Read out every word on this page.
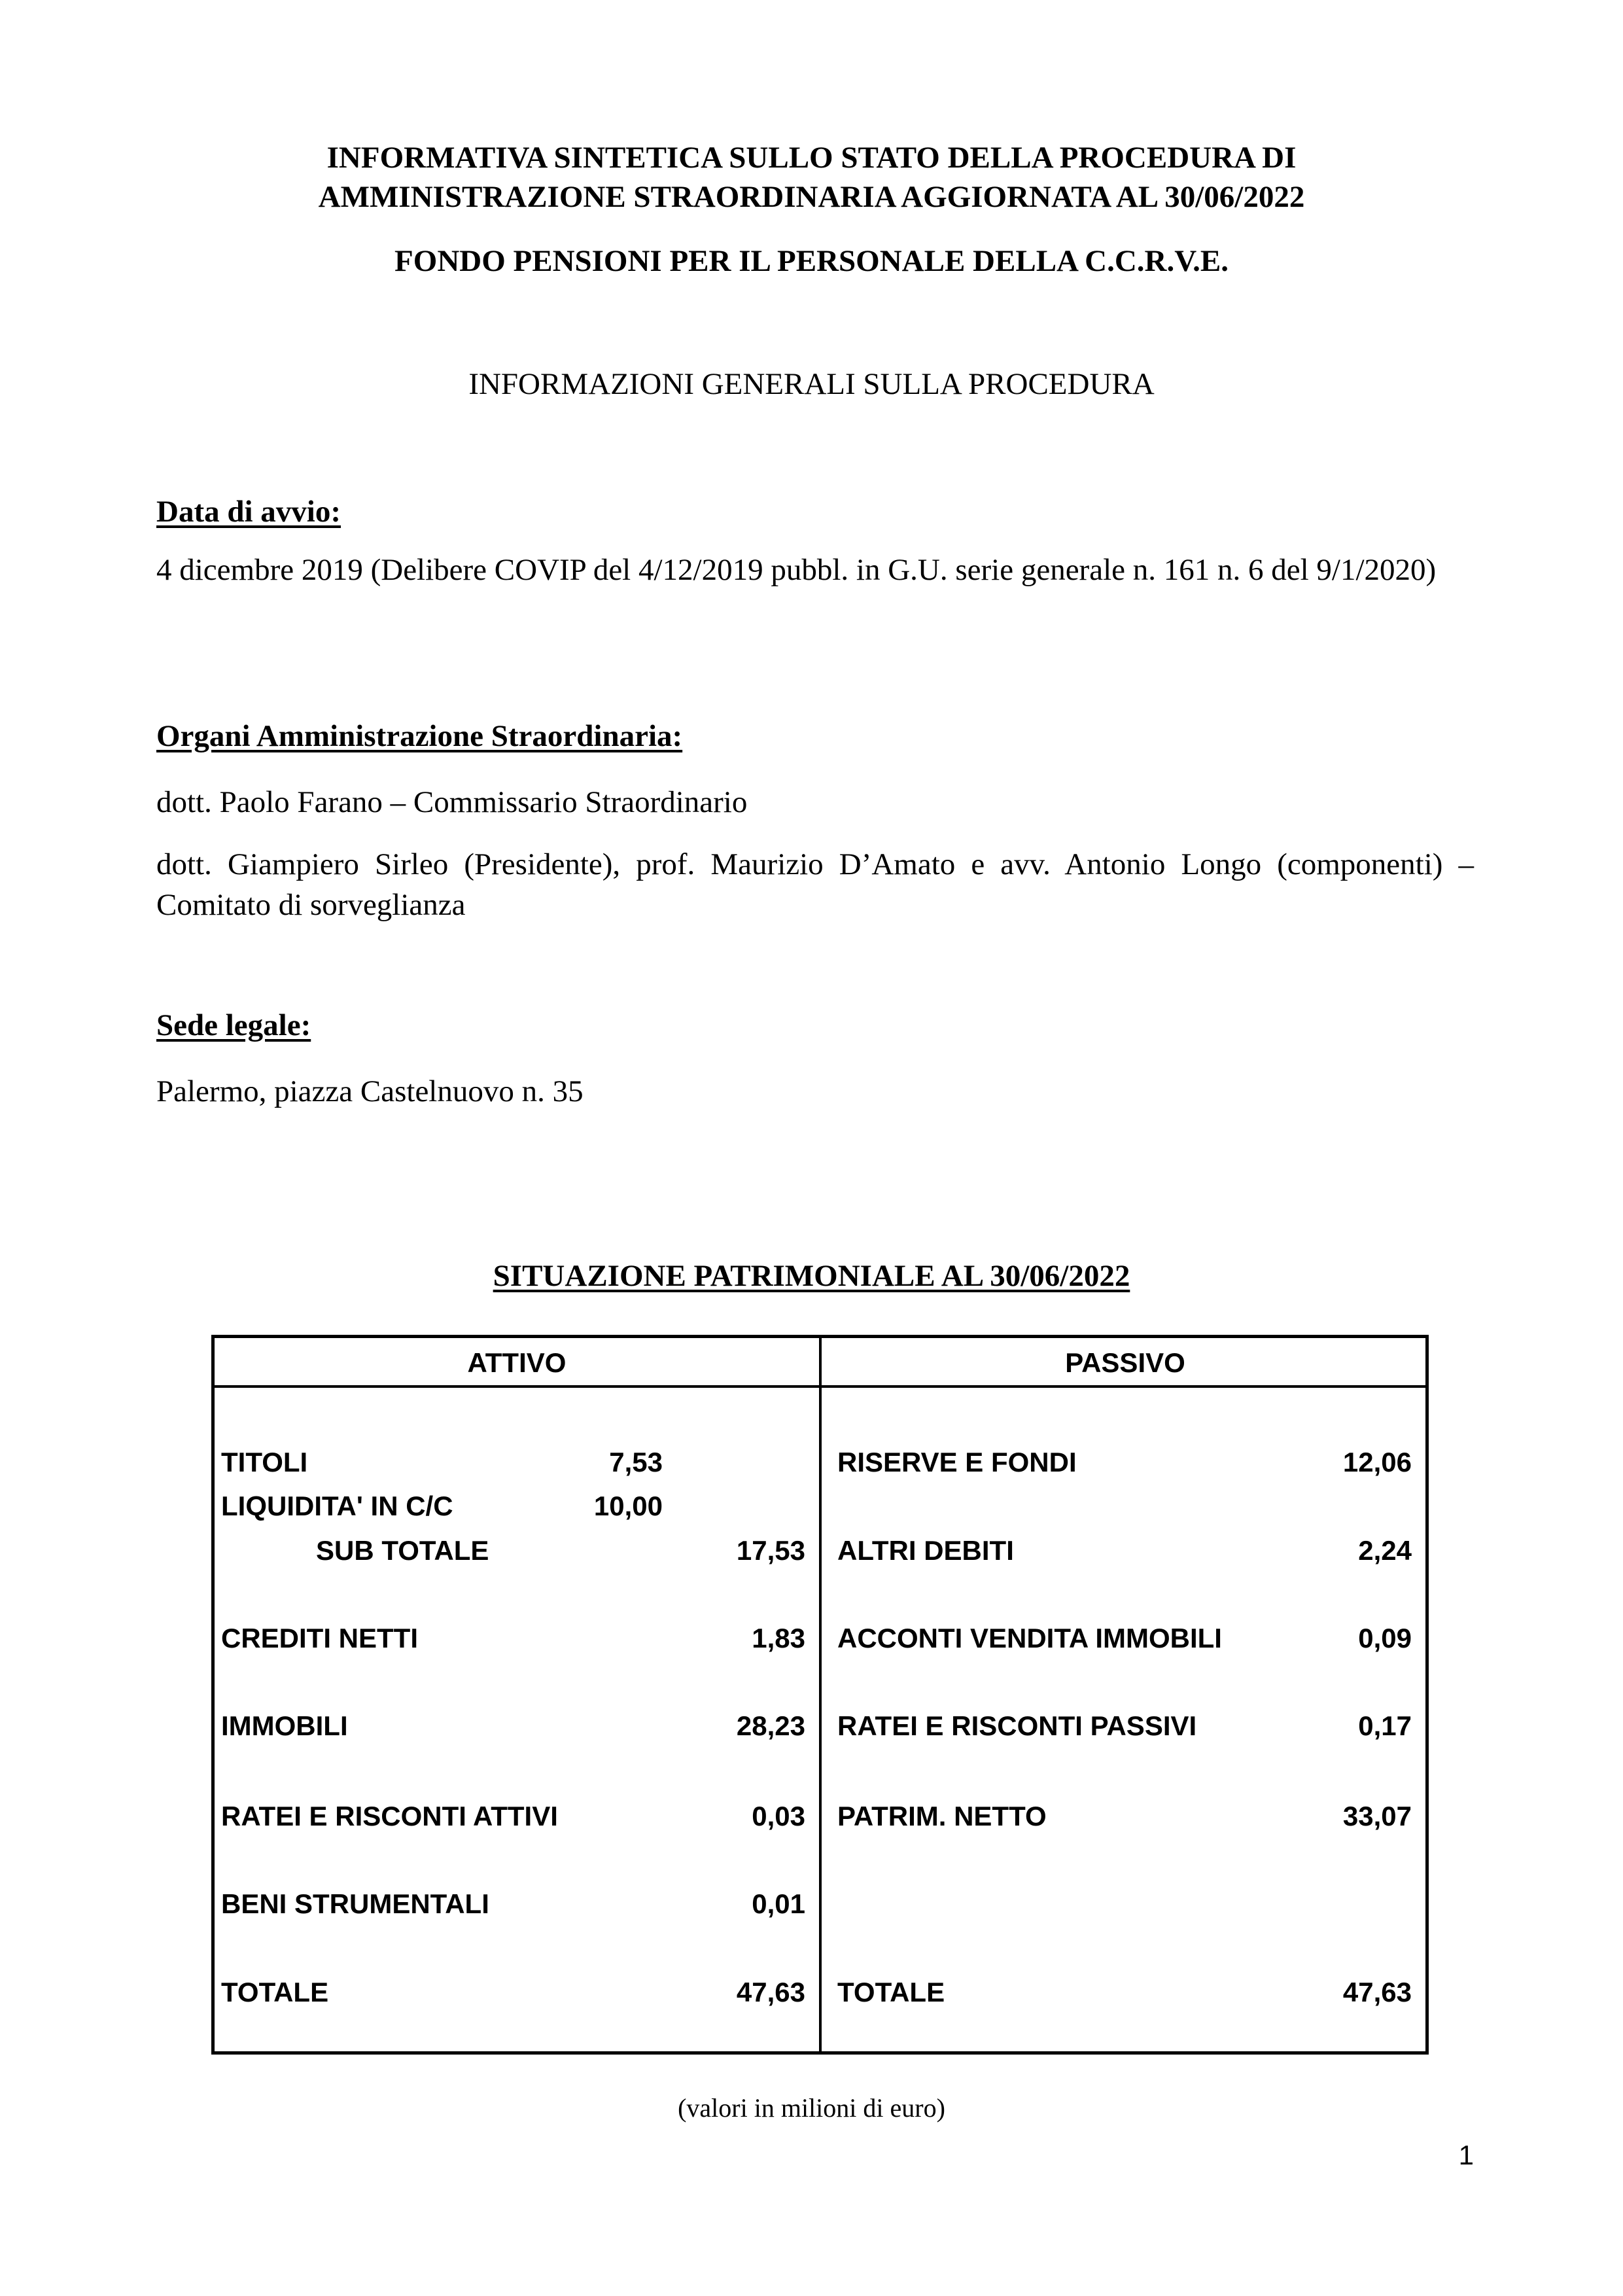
INFORMATIVA SINTETICA SULLO STATO DELLA PROCEDURA DI
AMMINISTRAZIONE STRAORDINARIA AGGIORNATA AL 30/06/2022
FONDO PENSIONI PER IL PERSONALE DELLA C.C.R.V.E.
INFORMAZIONI GENERALI SULLA PROCEDURA
Data di avvio:
4 dicembre 2019 (Delibere COVIP del 4/12/2019 pubbl. in G.U. serie generale n. 161 n. 6 del 9/1/2020)
Organi Amministrazione Straordinaria:
dott. Paolo Farano – Commissario Straordinario
dott. Giampiero Sirleo (Presidente), prof. Maurizio D’Amato e avv. Antonio Longo (componenti) – Comitato di sorveglianza
Sede legale:
Palermo, piazza Castelnuovo n. 35
SITUAZIONE PATRIMONIALE AL 30/06/2022
ATTIVO	PASSIVO
TITOLI
LIQUIDITA' IN C/C
SUB TOTALE
CREDITI NETTI
IMMOBILI
RATEI E RISCONTI ATTIVI
BENI STRUMENTALI
TOTALE
7,53
10,00
17,53
1,83
28,23
0,03
0,01
47,63
RISERVE E FONDI
ALTRI DEBITI
ACCONTI VENDITA IMMOBILI
RATEI E RISCONTI PASSIVI
PATRIM. NETTO
TOTALE
12,06
2,24
0,09
0,17
33,07
47,63
(valori in milioni di euro)
1
